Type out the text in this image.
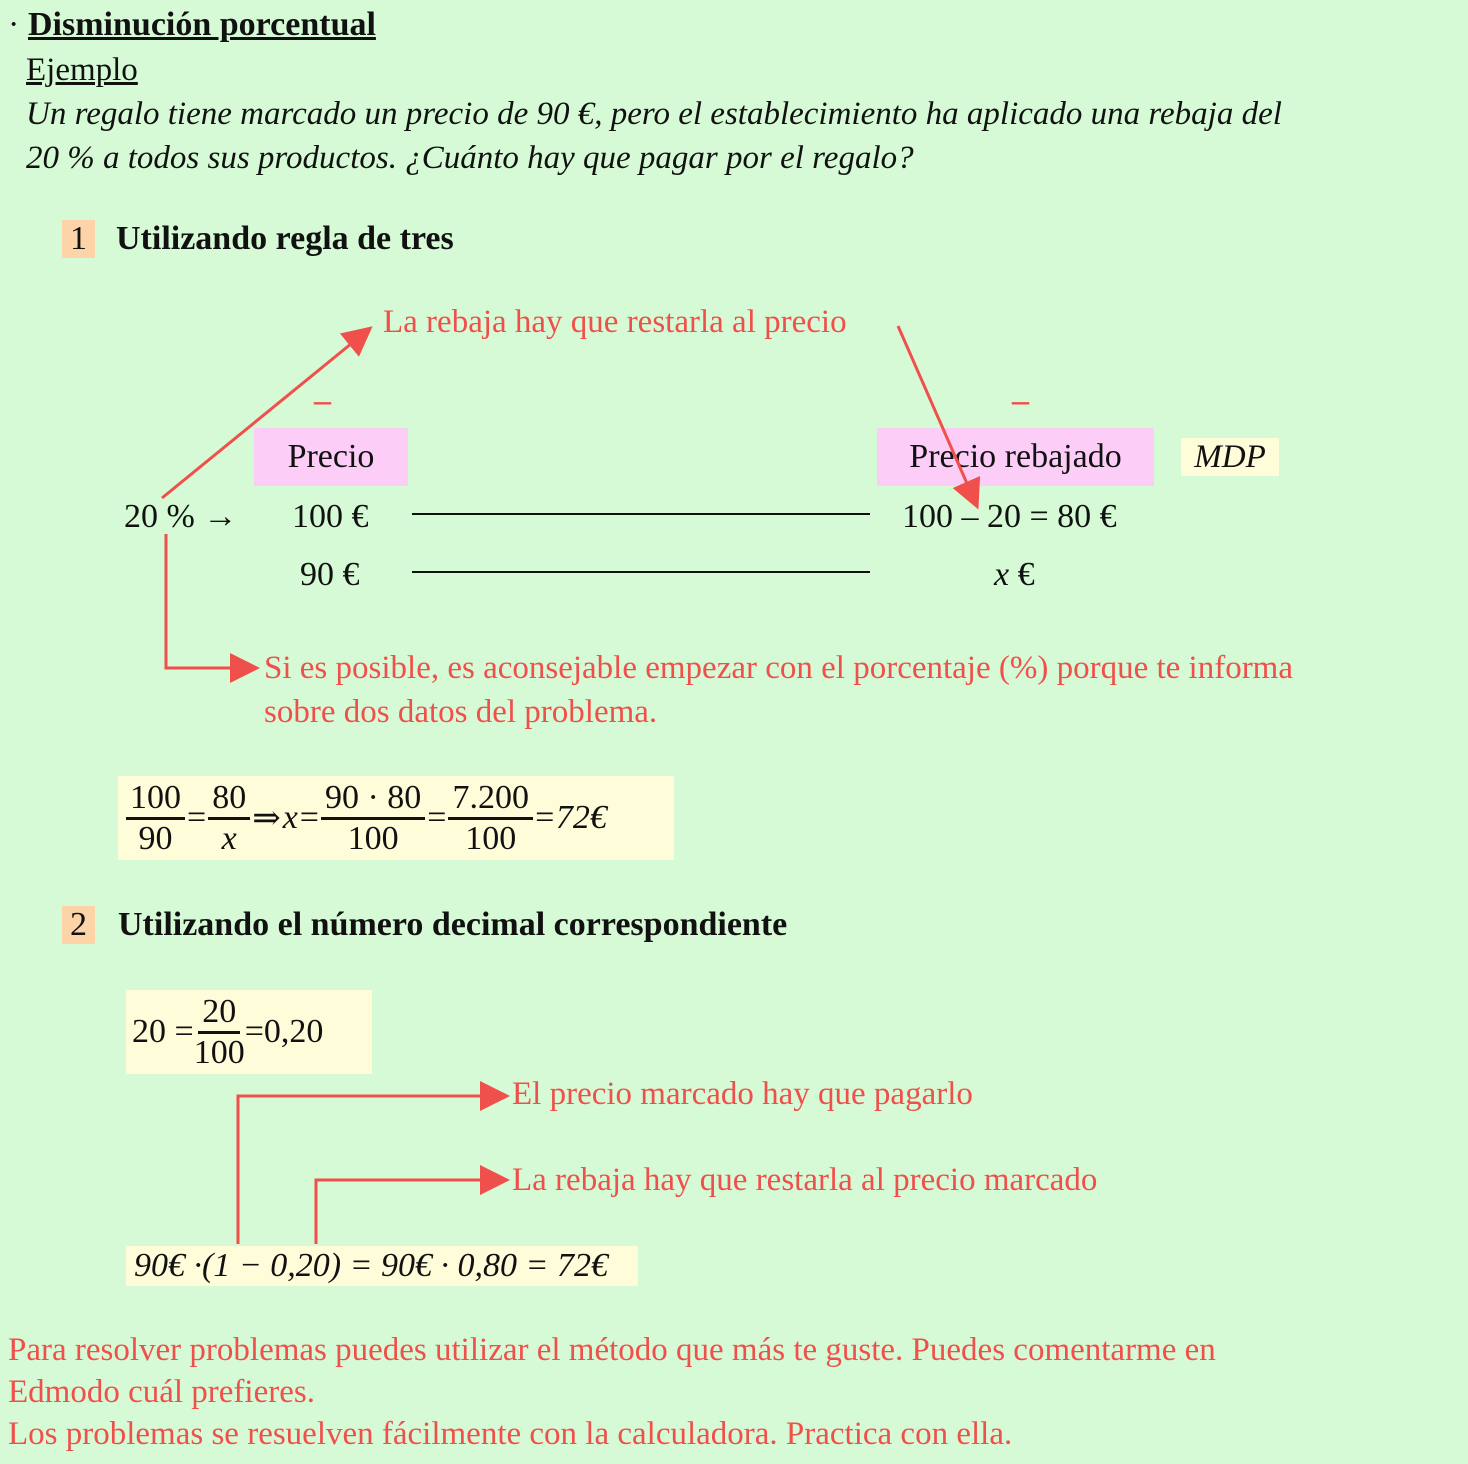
· Disminución porcentual
Ejemplo
Un regalo tiene marcado un precio de 90 €, pero el establecimiento ha aplicado una rebaja del
20 % a todos sus productos. ¿Cuánto hay que pagar por el regalo?
1 Utilizando regla de tres
La rebaja hay que restarla al precio
–	–
Precio	Precio rebajado	MDP
20 % → 100 €	100 – 20 = 80 €
90 €	x €
Si es posible, es aconsejable empezar con el porcentaje (%) porque te informa
sobre dos datos del problema.
$\frac{100}{90} = \frac{80}{x}$ ⇒ $x = \frac{90 \cdot 80}{100} = \frac{7.200}{100}$ =72€
2 Utilizando el número decimal correspondiente
$20 = \frac{20}{100} =0,20$
El precio marcado hay que pagarlo
La rebaja hay que restarla al precio marcado
90€ ·(1 − 0,20) = 90€ · 0,80 = 72€
Para resolver problemas puedes utilizar el método que más te guste. Puedes comentarme en
Edmodo cuál prefieres.
Los problemas se resuelven fácilmente con la calculadora. Practica con ella.
